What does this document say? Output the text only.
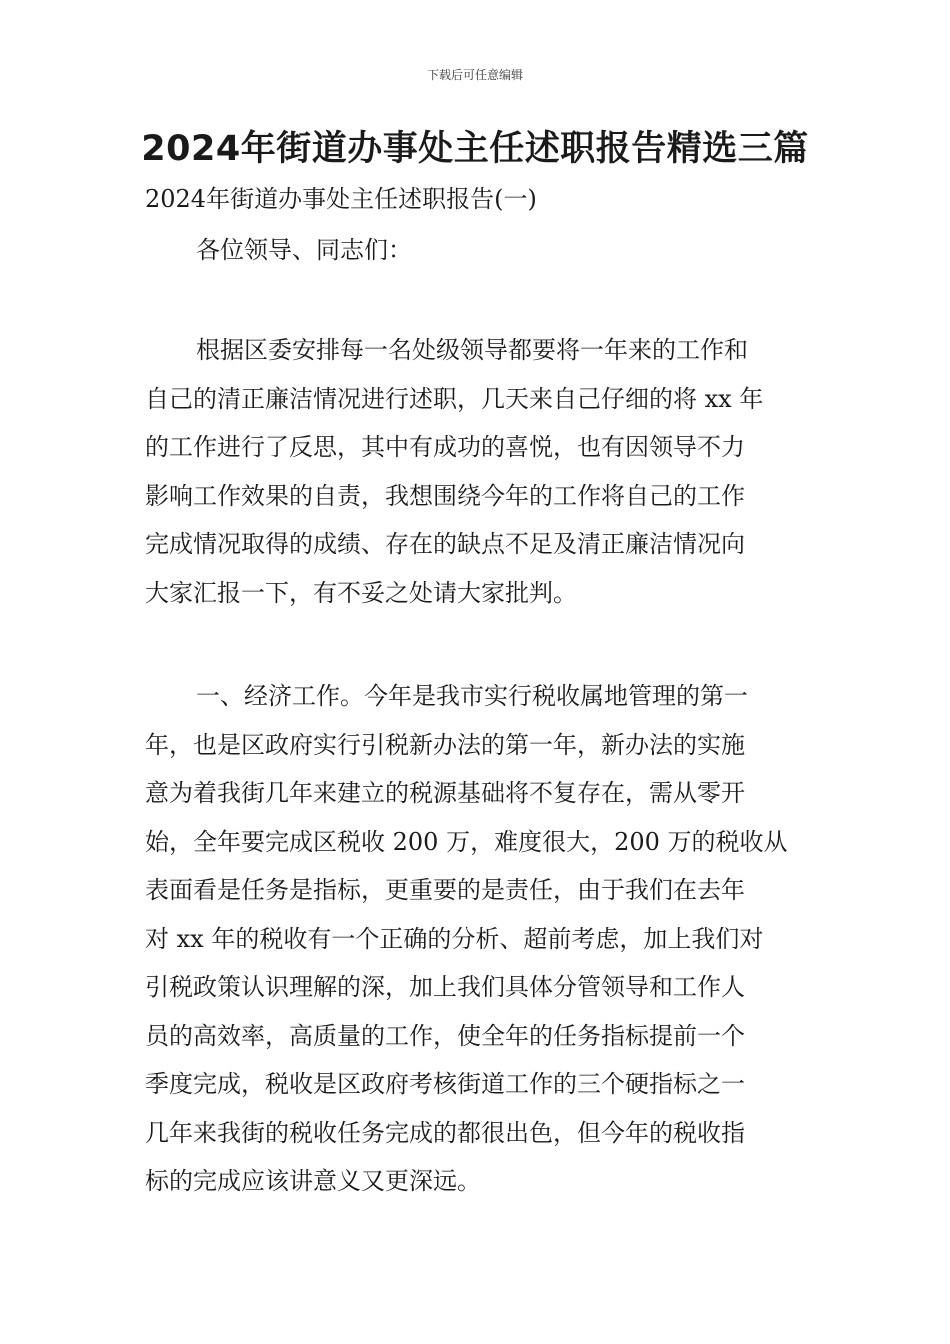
下载后可任意编辑
2024年街道办事处主任述职报告精选三篇
2024年街道办事处主任述职报告(一)
各位领导、同志们：
根据区委安排每一名处级领导都要将一年来的工作和
自己的清正廉洁情况进行述职，几天来自己仔细的将 xx 年
的工作进行了反思，其中有成功的喜悦，也有因领导不力
影响工作效果的自责，我想围绕今年的工作将自己的工作
完成情况取得的成绩、存在的缺点不足及清正廉洁情况向
大家汇报一下，有不妥之处请大家批判。
一、经济工作。今年是我市实行税收属地管理的第一
年，也是区政府实行引税新办法的第一年，新办法的实施
意为着我街几年来建立的税源基础将不复存在，需从零开
始，全年要完成区税收 200 万，难度很大，200 万的税收从
表面看是任务是指标，更重要的是责任，由于我们在去年
对 xx 年的税收有一个正确的分析、超前考虑，加上我们对
引税政策认识理解的深，加上我们具体分管领导和工作人
员的高效率，高质量的工作，使全年的任务指标提前一个
季度完成，税收是区政府考核街道工作的三个硬指标之一
几年来我街的税收任务完成的都很出色，但今年的税收指
标的完成应该讲意义又更深远。
